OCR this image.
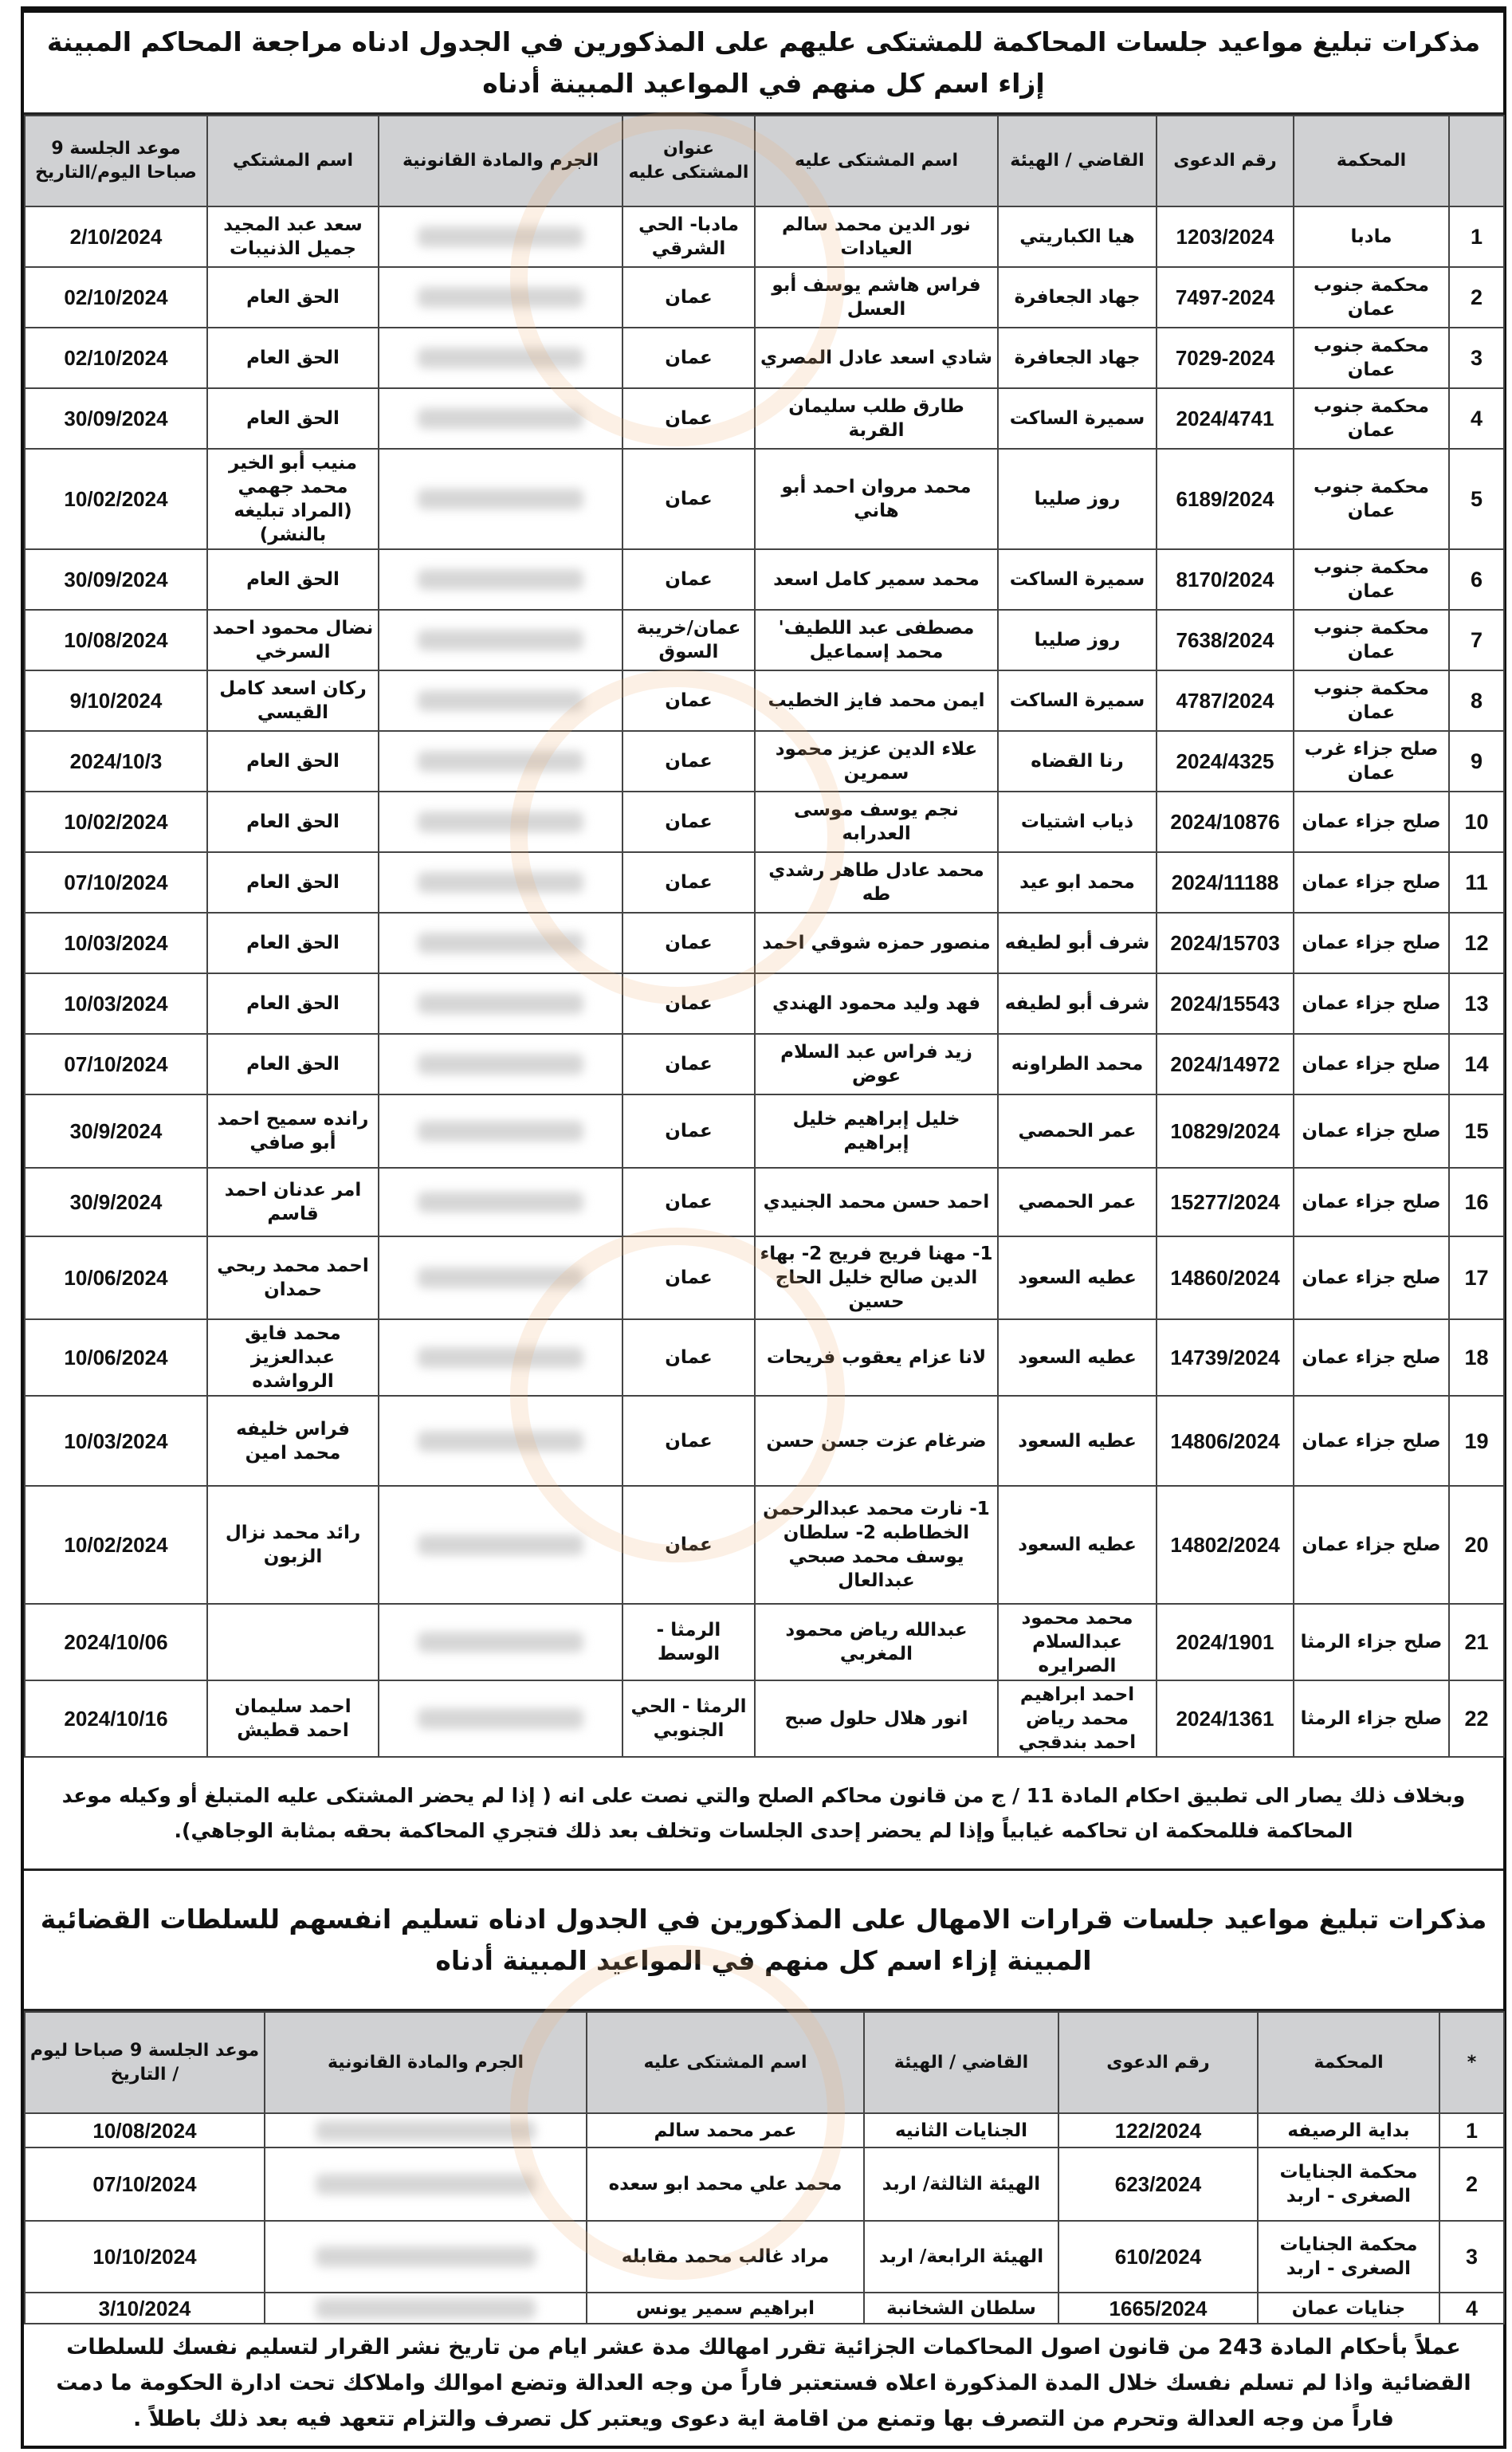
مذكرات تبليغ مواعيد جلسات المحاكمة للمشتكى عليهم على المذكورين في الجدول ادناه مراجعة المحاكم المبينة إزاء اسم كل منهم في المواعيد المبينة أدناه
	المحكمة	رقم الدعوى	القاضي / الهيئة	اسم المشتكى عليه	عنوان المشتكى عليه	الجرم والمادة القانونية	اسم المشتكي	موعد الجلسة 9 صباحا اليوم/التاريخ
1	مادبا	1203/2024	هيا الكباريتي	نور الدين محمد سالم العيادات	مادبا- الحي الشرقي		سعد عبد المجيد جميل الذنيبات	2/10/2024
2	محكمة جنوب عمان	7497-2024	جهاد الجعافرة	فراس هاشم يوسف أبو العسل	عمان		الحق العام	02/10/2024
3	محكمة جنوب عمان	7029-2024	جهاد الجعافرة	شادي اسعد عادل المصري	عمان		الحق العام	02/10/2024
4	محكمة جنوب عمان	2024/4741	سميرة الساكت	طارق طلب سليمان القربة	عمان		الحق العام	30/09/2024
5	محكمة جنوب عمان	6189/2024	روز صليبا	محمد مروان احمد أبو هاني	عمان		منيب أبو الخير محمد جهمي (المراد تبليغه بالنشر)	10/02/2024
6	محكمة جنوب عمان	8170/2024	سميرة الساكت	محمد سمير كامل اسعد	عمان		الحق العام	30/09/2024
7	محكمة جنوب عمان	7638/2024	روز صليبا	مصطفى عبد اللطيف' محمد إسماعيل	عمان/خريبة السوق		نضال محمود احمد السرخي	10/08/2024
8	محكمة جنوب عمان	4787/2024	سميرة الساكت	ايمن محمد فايز الخطيب	عمان		ركان اسعد كامل القيسي	9/10/2024
9	صلح جزاء غرب عمان	2024/4325	رنا القضاه	علاء الدين عزيز محمود سمرين	عمان		الحق العام	2024/10/3
10	صلح جزاء عمان	2024/10876	ذياب اشتيات	نجم يوسف موسى العدرابه	عمان		الحق العام	10/02/2024
11	صلح جزاء عمان	2024/11188	محمد ابو عيد	محمد عادل طاهر رشدي طه	عمان		الحق العام	07/10/2024
12	صلح جزاء عمان	2024/15703	شرف أبو لطيفه	منصور حمزه شوقي احمد	عمان		الحق العام	10/03/2024
13	صلح جزاء عمان	2024/15543	شرف أبو لطيفه	فهد وليد محمود الهندي	عمان		الحق العام	10/03/2024
14	صلح جزاء عمان	2024/14972	محمد الطراونه	زيد فراس عبد السلام عوض	عمان		الحق العام	07/10/2024
15	صلح جزاء عمان	10829/2024	عمر الحمصي	خليل إبراهيم خليل إبراهيم	عمان		رانده سميح احمد أبو صافي	30/9/2024
16	صلح جزاء عمان	15277/2024	عمر الحمصي	احمد حسن محمد الجنيدي	عمان		امر عدنان احمد قاسم	30/9/2024
17	صلح جزاء عمان	14860/2024	عطيه السعود	1- مهنا فريج فريج 2- بهاء الدين صالح خليل الحاج حسين	عمان		احمد محمد ربحي حمدان	10/06/2024
18	صلح جزاء عمان	14739/2024	عطيه السعود	لانا عزام يعقوب فريحات	عمان		محمد فايق عبدالعزيز الرواشده	10/06/2024
19	صلح جزاء عمان	14806/2024	عطيه السعود	ضرغام عزت جسن حسن	عمان		فراس خليفه محمد امين	10/03/2024
20	صلح جزاء عمان	14802/2024	عطيه السعود	1- نارت محمد عبدالرحمن الخطاطبه 2- سلطان يوسف محمد صبحي عبدالعال	عمان		رائد محمد نزال الزبون	10/02/2024
21	صلح جزاء الرمثا	2024/1901	محمد محمود عبدالسلام الصرايره	عبدالله رياض محمود المغربي	الرمثا - الوسط			2024/10/06
22	صلح جزاء الرمثا	2024/1361	احمد ابراهيم محمد رياض احمد بندقجي	انور هلال حلول صبح	الرمثا - الحي الجنوبي		احمد سليمان احمد قطيش	2024/10/16
وبخلاف ذلك يصار الى تطبيق احكام المادة 11 / ج من قانون محاكم الصلح والتي نصت على انه ( إذا لم يحضر المشتكى عليه المتبلغ أو وكيله موعد المحاكمة فللمحكمة ان تحاكمه غيابياً وإذا لم يحضر إحدى الجلسات وتخلف بعد ذلك فتجري المحاكمة بحقه بمثابة الوجاهي).
مذكرات تبليغ مواعيد جلسات قرارات الامهال على المذكورين في الجدول ادناه تسليم انفسهم للسلطات القضائية المبينة إزاء اسم كل منهم في المواعيد المبينة أدناه
*	المحكمة	رقم الدعوى	القاضي / الهيئة	اسم المشتكى عليه	الجرم والمادة القانونية	موعد الجلسة 9 صباحا ليوم / التاريخ
1	بداية الرصيفه	122/2024	الجنايات الثانيه	عمر محمد سالم		10/08/2024
2	محكمة الجنايات الصغرى - اربد	623/2024	الهيئة الثالثة/ اربد	محمد علي محمد ابو سعده		07/10/2024
3	محكمة الجنايات الصغرى - اربد	610/2024	الهيئة الرابعة/ اربد	مراد غالب محمد مقابله		10/10/2024
4	جنايات عمان	1665/2024	سلطان الشخانبة	ابراهيم سمير يونس		3/10/2024
عملاً بأحكام المادة 243 من قانون اصول المحاكمات الجزائية تقرر امهالك مدة عشر ايام من تاريخ نشر القرار لتسليم نفسك للسلطات القضائية واذا لم تسلم نفسك خلال المدة المذكورة اعلاه فستعتبر فاراً من وجه العدالة وتضع اموالك واملاكك تحت ادارة الحكومة ما دمت فاراً من وجه العدالة وتحرم من التصرف بها وتمنع من اقامة اية دعوى ويعتبر كل تصرف والتزام تتعهد فيه بعد ذلك باطلاً .
